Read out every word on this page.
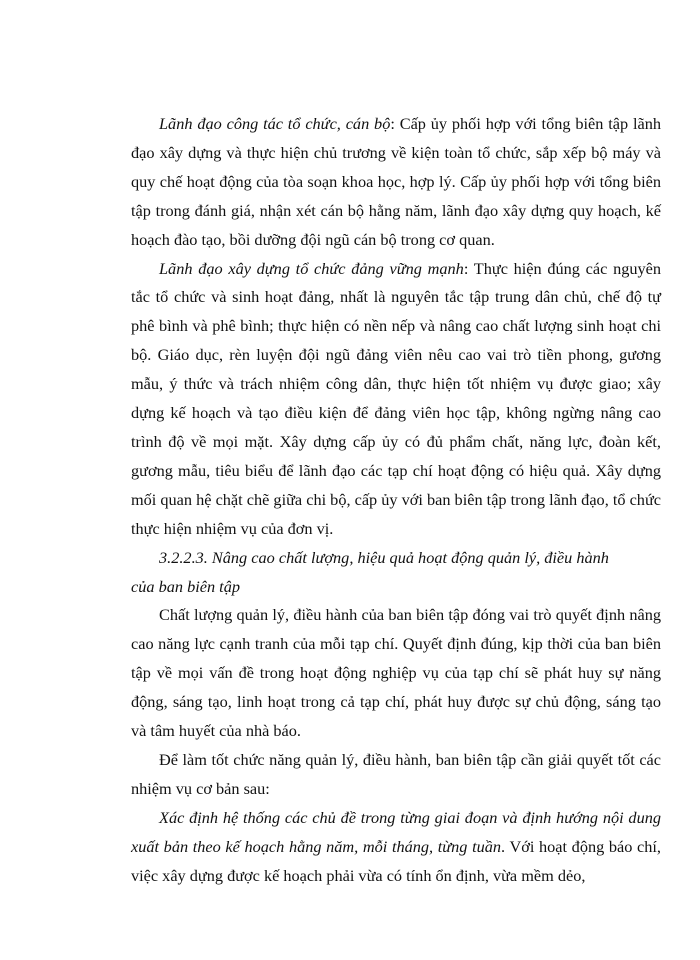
Lãnh đạo công tác tổ chức, cán bộ: Cấp ủy phối hợp với tổng biên tập lãnh đạo xây dựng và thực hiện chủ trương về kiện toàn tổ chức, sắp xếp bộ máy và quy chế hoạt động của tòa soạn khoa học, hợp lý. Cấp ủy phối hợp với tổng biên tập trong đánh giá, nhận xét cán bộ hằng năm, lãnh đạo xây dựng quy hoạch, kế hoạch đào tạo, bồi dưỡng đội ngũ cán bộ trong cơ quan.

Lãnh đạo xây dựng tổ chức đảng vững mạnh: Thực hiện đúng các nguyên tắc tổ chức và sinh hoạt đảng, nhất là nguyên tắc tập trung dân chủ, chế độ tự phê bình và phê bình; thực hiện có nền nếp và nâng cao chất lượng sinh hoạt chi bộ. Giáo dục, rèn luyện đội ngũ đảng viên nêu cao vai trò tiền phong, gương mẫu, ý thức và trách nhiệm công dân, thực hiện tốt nhiệm vụ được giao; xây dựng kế hoạch và tạo điều kiện để đảng viên học tập, không ngừng nâng cao trình độ về mọi mặt. Xây dựng cấp ủy có đủ phẩm chất, năng lực, đoàn kết, gương mẫu, tiêu biểu để lãnh đạo các tạp chí hoạt động có hiệu quả. Xây dựng mối quan hệ chặt chẽ giữa chi bộ, cấp ủy với ban biên tập trong lãnh đạo, tổ chức thực hiện nhiệm vụ của đơn vị.

3.2.2.3. Nâng cao chất lượng, hiệu quả hoạt động quản lý, điều hành

của ban biên tập

Chất lượng quản lý, điều hành của ban biên tập đóng vai trò quyết định nâng cao năng lực cạnh tranh của mỗi tạp chí. Quyết định đúng, kịp thời của ban biên tập về mọi vấn đề trong hoạt động nghiệp vụ của tạp chí sẽ phát huy sự năng động, sáng tạo, linh hoạt trong cả tạp chí, phát huy được sự chủ động, sáng tạo và tâm huyết của nhà báo.

Để làm tốt chức năng quản lý, điều hành, ban biên tập cần giải quyết tốt các nhiệm vụ cơ bản sau:

Xác định hệ thống các chủ đề trong từng giai đoạn và định hướng nội dung xuất bản theo kế hoạch hằng năm, mỗi tháng, từng tuần. Với hoạt động báo chí, việc xây dựng được kế hoạch phải vừa có tính ổn định, vừa mềm dẻo,
